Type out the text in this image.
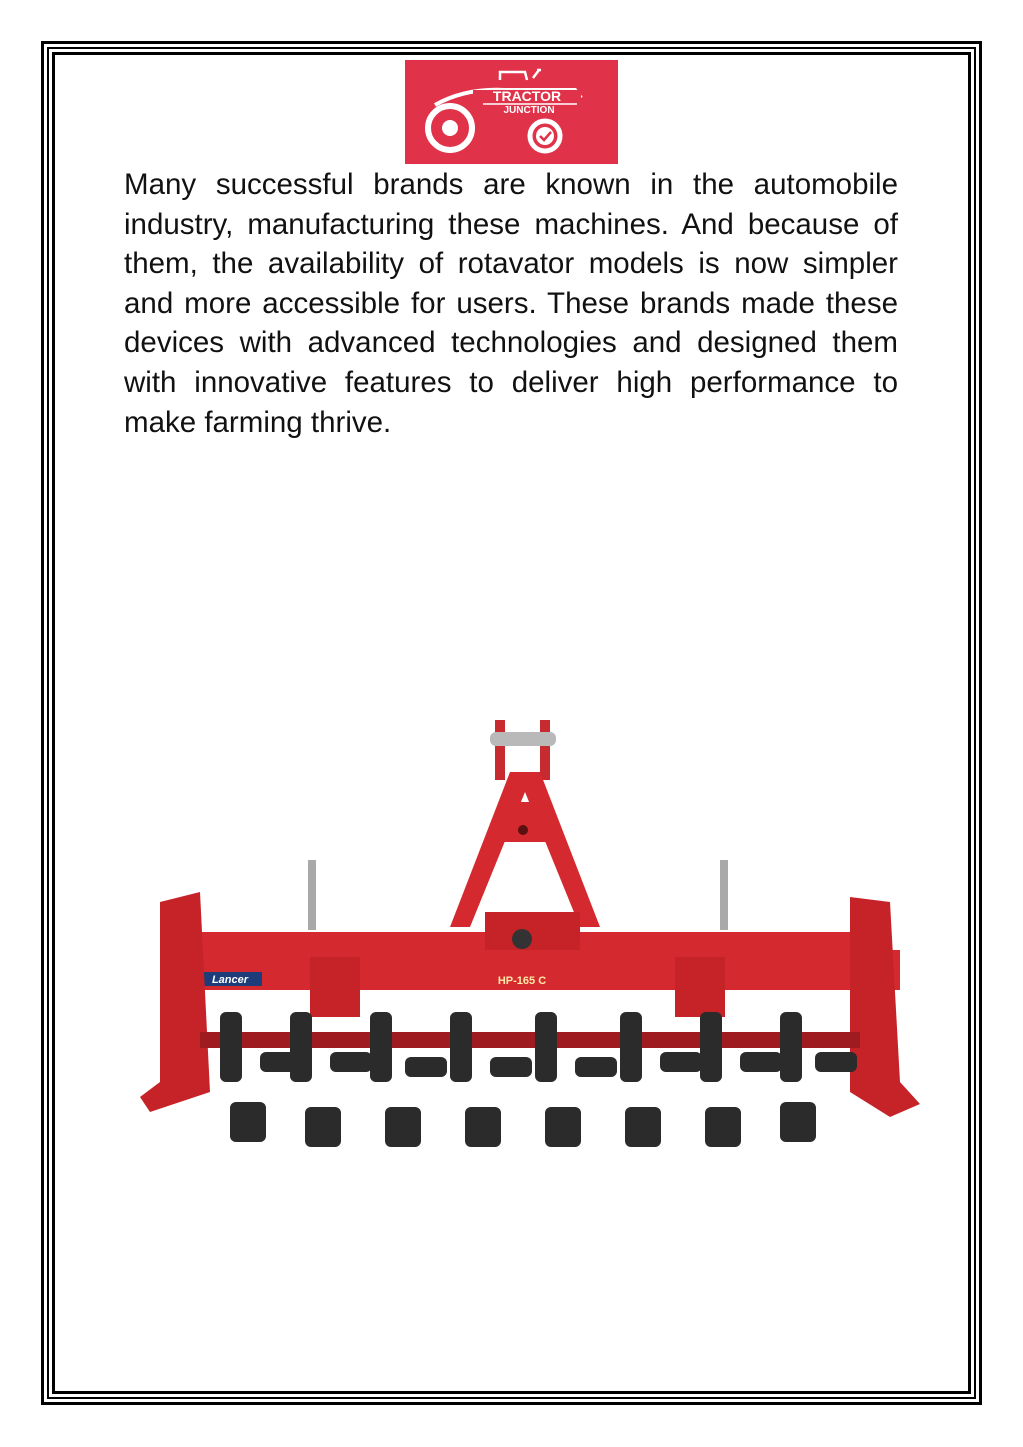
TRACTOR
JUNCTION

Many successful brands are known in the automobile industry, manufacturing these machines. And because of them, the availability of rotavator models is now simpler and more accessible for users. These brands made these devices with advanced technologies and designed them with innovative features to deliver high performance to make farming thrive.

Lancer	HP-165 C
